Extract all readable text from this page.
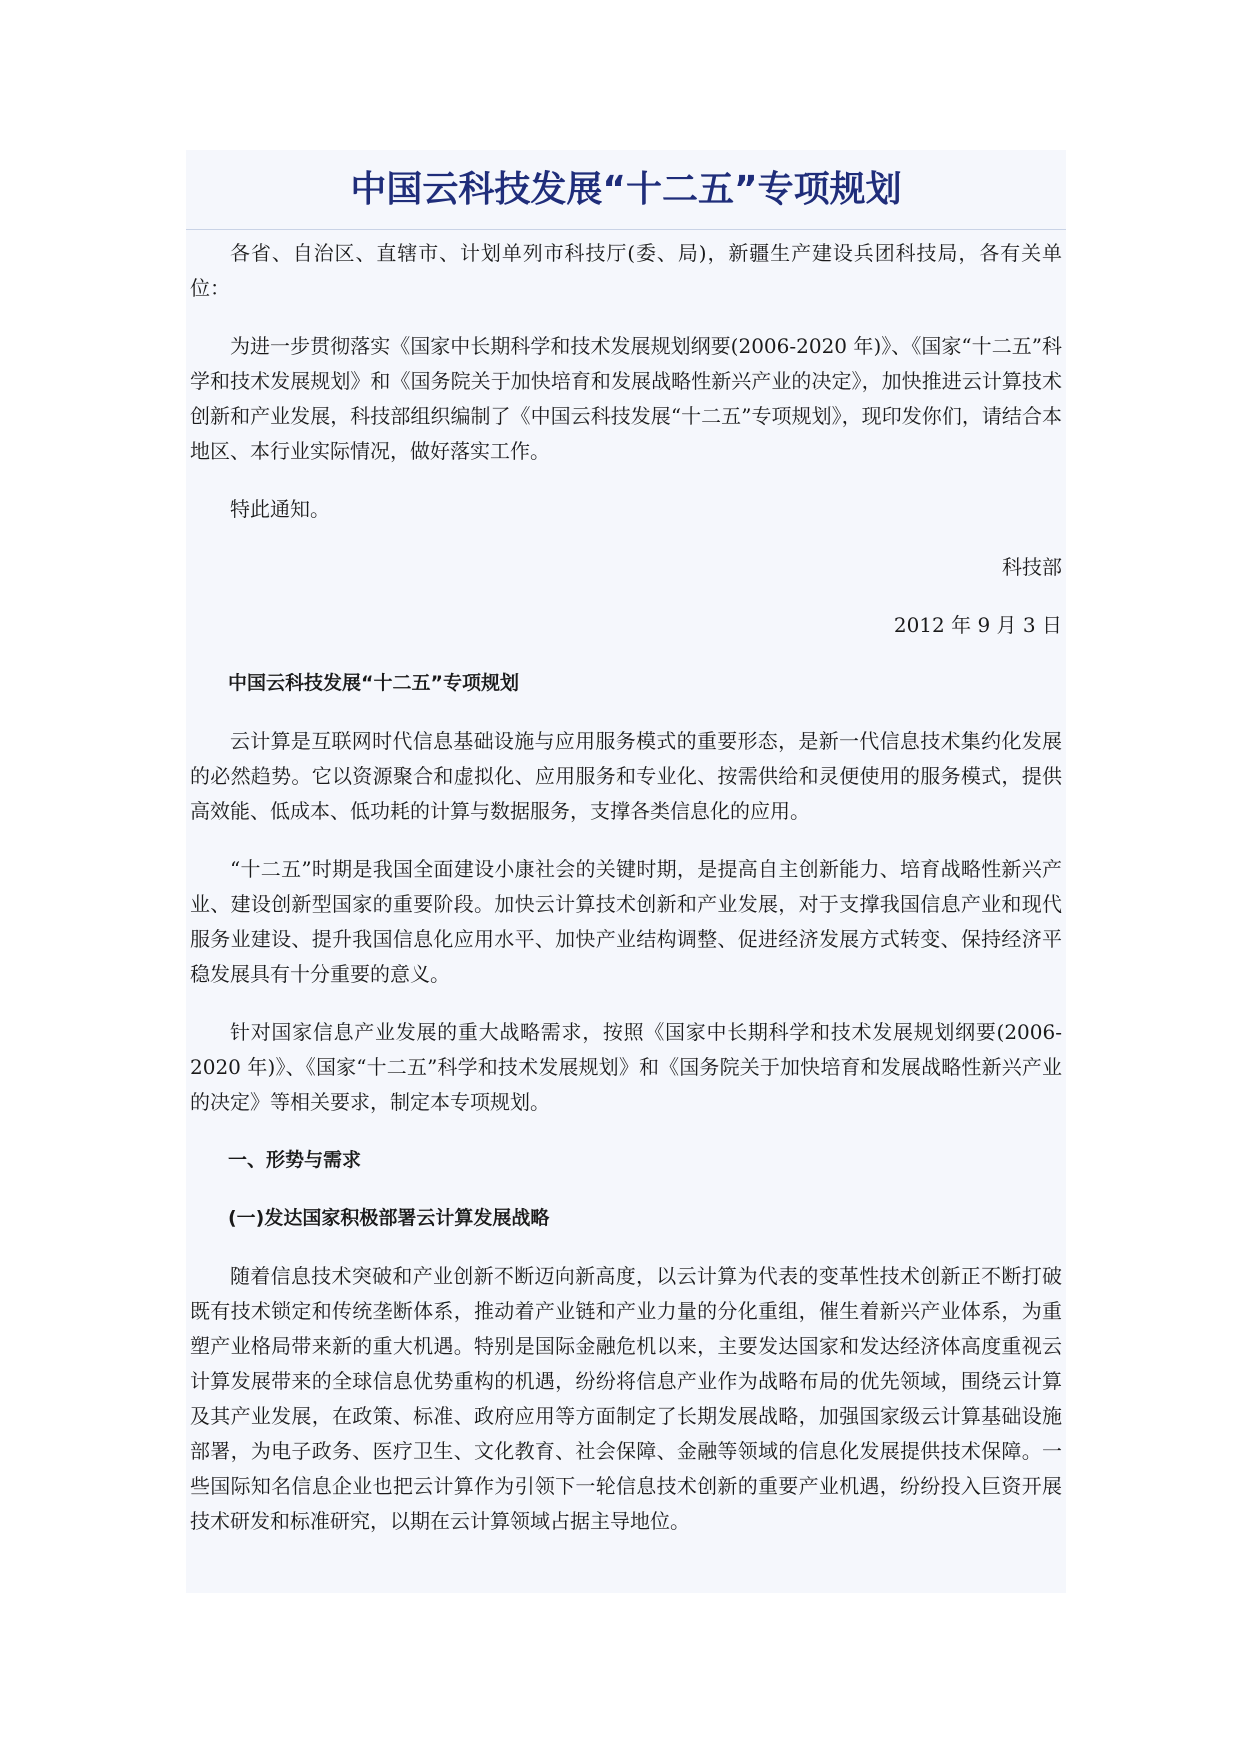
中国云科技发展“十二五”专项规划

各省、自治区、直辖市、计划单列市科技厅(委、局)，新疆生产建设兵团科技局，各有关单位：

为进一步贯彻落实《国家中长期科学和技术发展规划纲要(2006-2020 年)》、《国家“十二五”科学和技术发展规划》和《国务院关于加快培育和发展战略性新兴产业的决定》，加快推进云计算技术创新和产业发展，科技部组织编制了《中国云科技发展“十二五”专项规划》，现印发你们，请结合本地区、本行业实际情况，做好落实工作。

特此通知。

科技部

2012 年 9 月 3 日

中国云科技发展“十二五”专项规划

云计算是互联网时代信息基础设施与应用服务模式的重要形态，是新一代信息技术集约化发展的必然趋势。它以资源聚合和虚拟化、应用服务和专业化、按需供给和灵便使用的服务模式，提供高效能、低成本、低功耗的计算与数据服务，支撑各类信息化的应用。

“十二五”时期是我国全面建设小康社会的关键时期，是提高自主创新能力、培育战略性新兴产业、建设创新型国家的重要阶段。加快云计算技术创新和产业发展，对于支撑我国信息产业和现代服务业建设、提升我国信息化应用水平、加快产业结构调整、促进经济发展方式转变、保持经济平稳发展具有十分重要的意义。

针对国家信息产业发展的重大战略需求，按照《国家中长期科学和技术发展规划纲要(2006-2020 年)》、《国家“十二五”科学和技术发展规划》和《国务院关于加快培育和发展战略性新兴产业的决定》等相关要求，制定本专项规划。

一、形势与需求

(一)发达国家积极部署云计算发展战略

随着信息技术突破和产业创新不断迈向新高度，以云计算为代表的变革性技术创新正不断打破既有技术锁定和传统垄断体系，推动着产业链和产业力量的分化重组，催生着新兴产业体系，为重塑产业格局带来新的重大机遇。特别是国际金融危机以来，主要发达国家和发达经济体高度重视云计算发展带来的全球信息优势重构的机遇，纷纷将信息产业作为战略布局的优先领域，围绕云计算及其产业发展，在政策、标准、政府应用等方面制定了长期发展战略，加强国家级云计算基础设施部署，为电子政务、医疗卫生、文化教育、社会保障、金融等领域的信息化发展提供技术保障。一些国际知名信息企业也把云计算作为引领下一轮信息技术创新的重要产业机遇，纷纷投入巨资开展技术研发和标准研究，以期在云计算领域占据主导地位。
